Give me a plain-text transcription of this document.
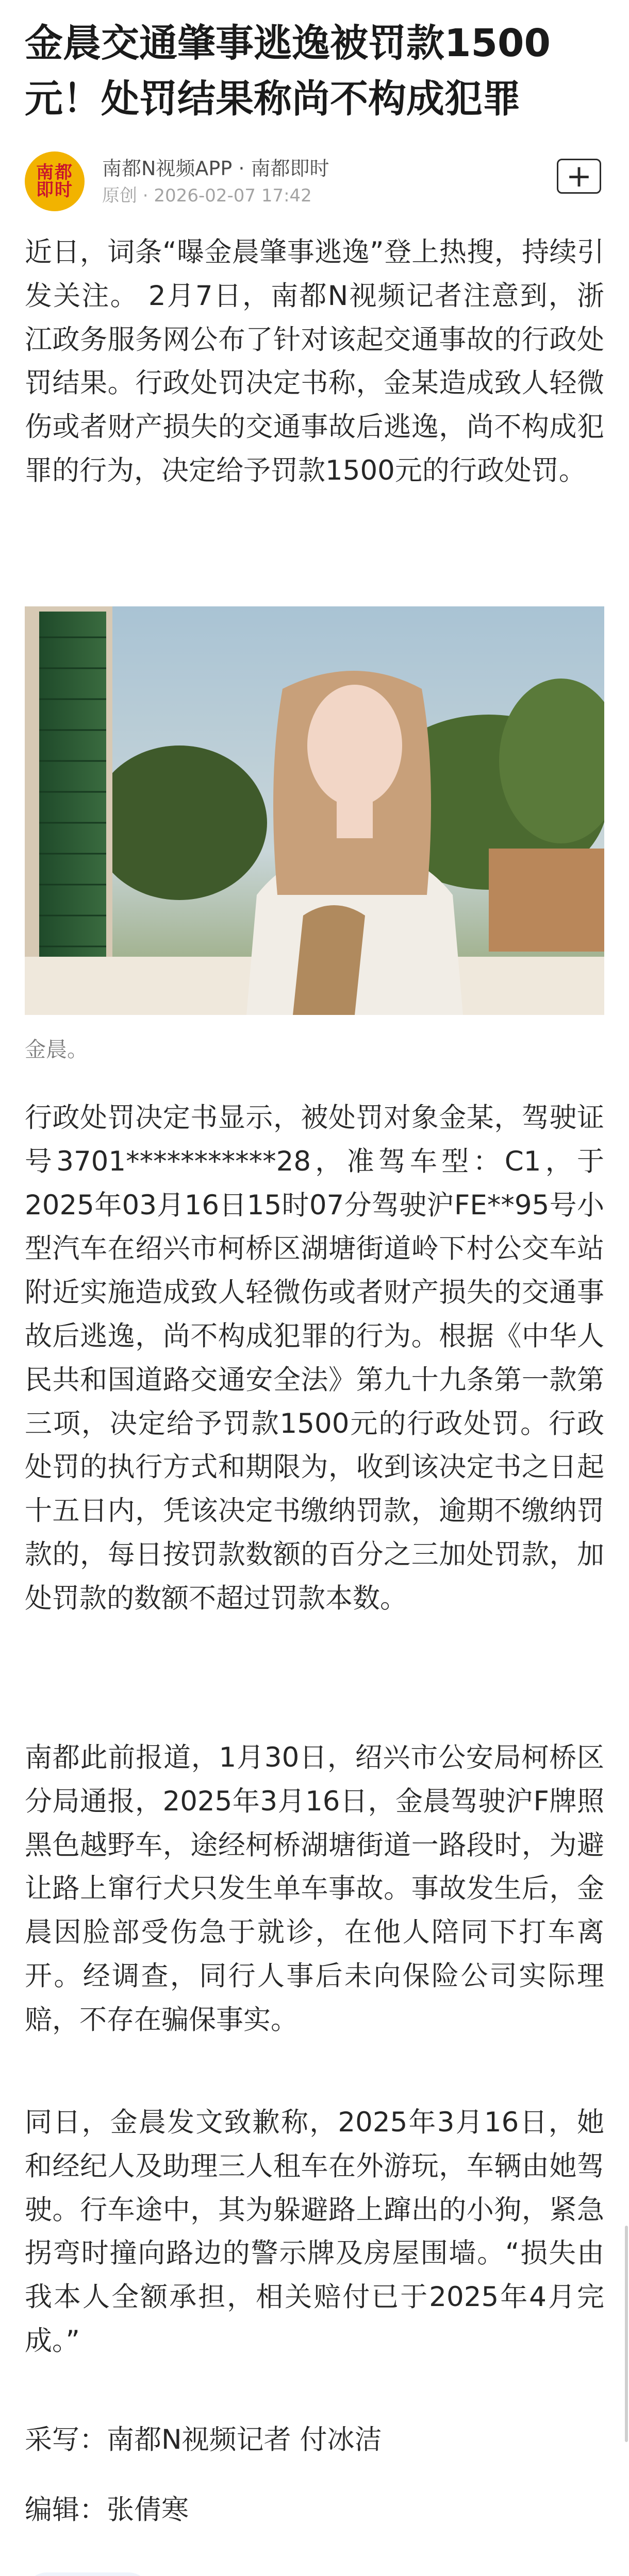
金晨交通肇事逃逸被罚款1500元！处罚结果称尚不构成犯罪
南都
即时
南都N视频APP · 南都即时
原创 · 2026-02-07 17:42
+

近日，词条“曝金晨肇事逃逸”登上热搜，持续引发关注。 2月7日，南都N视频记者注意到，浙江政务服务网公布了针对该起交通事故的行政处罚结果。行政处罚决定书称，金某造成致人轻微伤或者财产损失的交通事故后逃逸，尚不构成犯罪的行为，决定给予罚款1500元的行政处罚。

金晨。

行政处罚决定书显示，被处罚对象金某，驾驶证号3701***********28，准驾车型：C1，于2025年03月16日15时07分驾驶沪FE**95号小型汽车在绍兴市柯桥区湖塘街道岭下村公交车站附近实施造成致人轻微伤或者财产损失的交通事故后逃逸，尚不构成犯罪的行为。根据《中华人民共和国道路交通安全法》第九十九条第一款第三项，决定给予罚款1500元的行政处罚。行政处罚的执行方式和期限为，收到该决定书之日起十五日内，凭该决定书缴纳罚款，逾期不缴纳罚款的，每日按罚款数额的百分之三加处罚款，加处罚款的数额不超过罚款本数。

南都此前报道，1月30日，绍兴市公安局柯桥区分局通报，2025年3月16日，金晨驾驶沪F牌照黑色越野车，途经柯桥湖塘街道一路段时，为避让路上窜行犬只发生单车事故。事故发生后，金晨因脸部受伤急于就诊，在他人陪同下打车离开。经调查，同行人事后未向保险公司实际理赔，不存在骗保事实。

同日，金晨发文致歉称，2025年3月16日，她和经纪人及助理三人租车在外游玩，车辆由她驾驶。行车途中，其为躲避路上蹿出的小狗，紧急拐弯时撞向路边的警示牌及房屋围墙。“损失由我本人全额承担，相关赔付已于2025年4月完成。”

采写：南都N视频记者 付冰洁

编辑：张倩寒
